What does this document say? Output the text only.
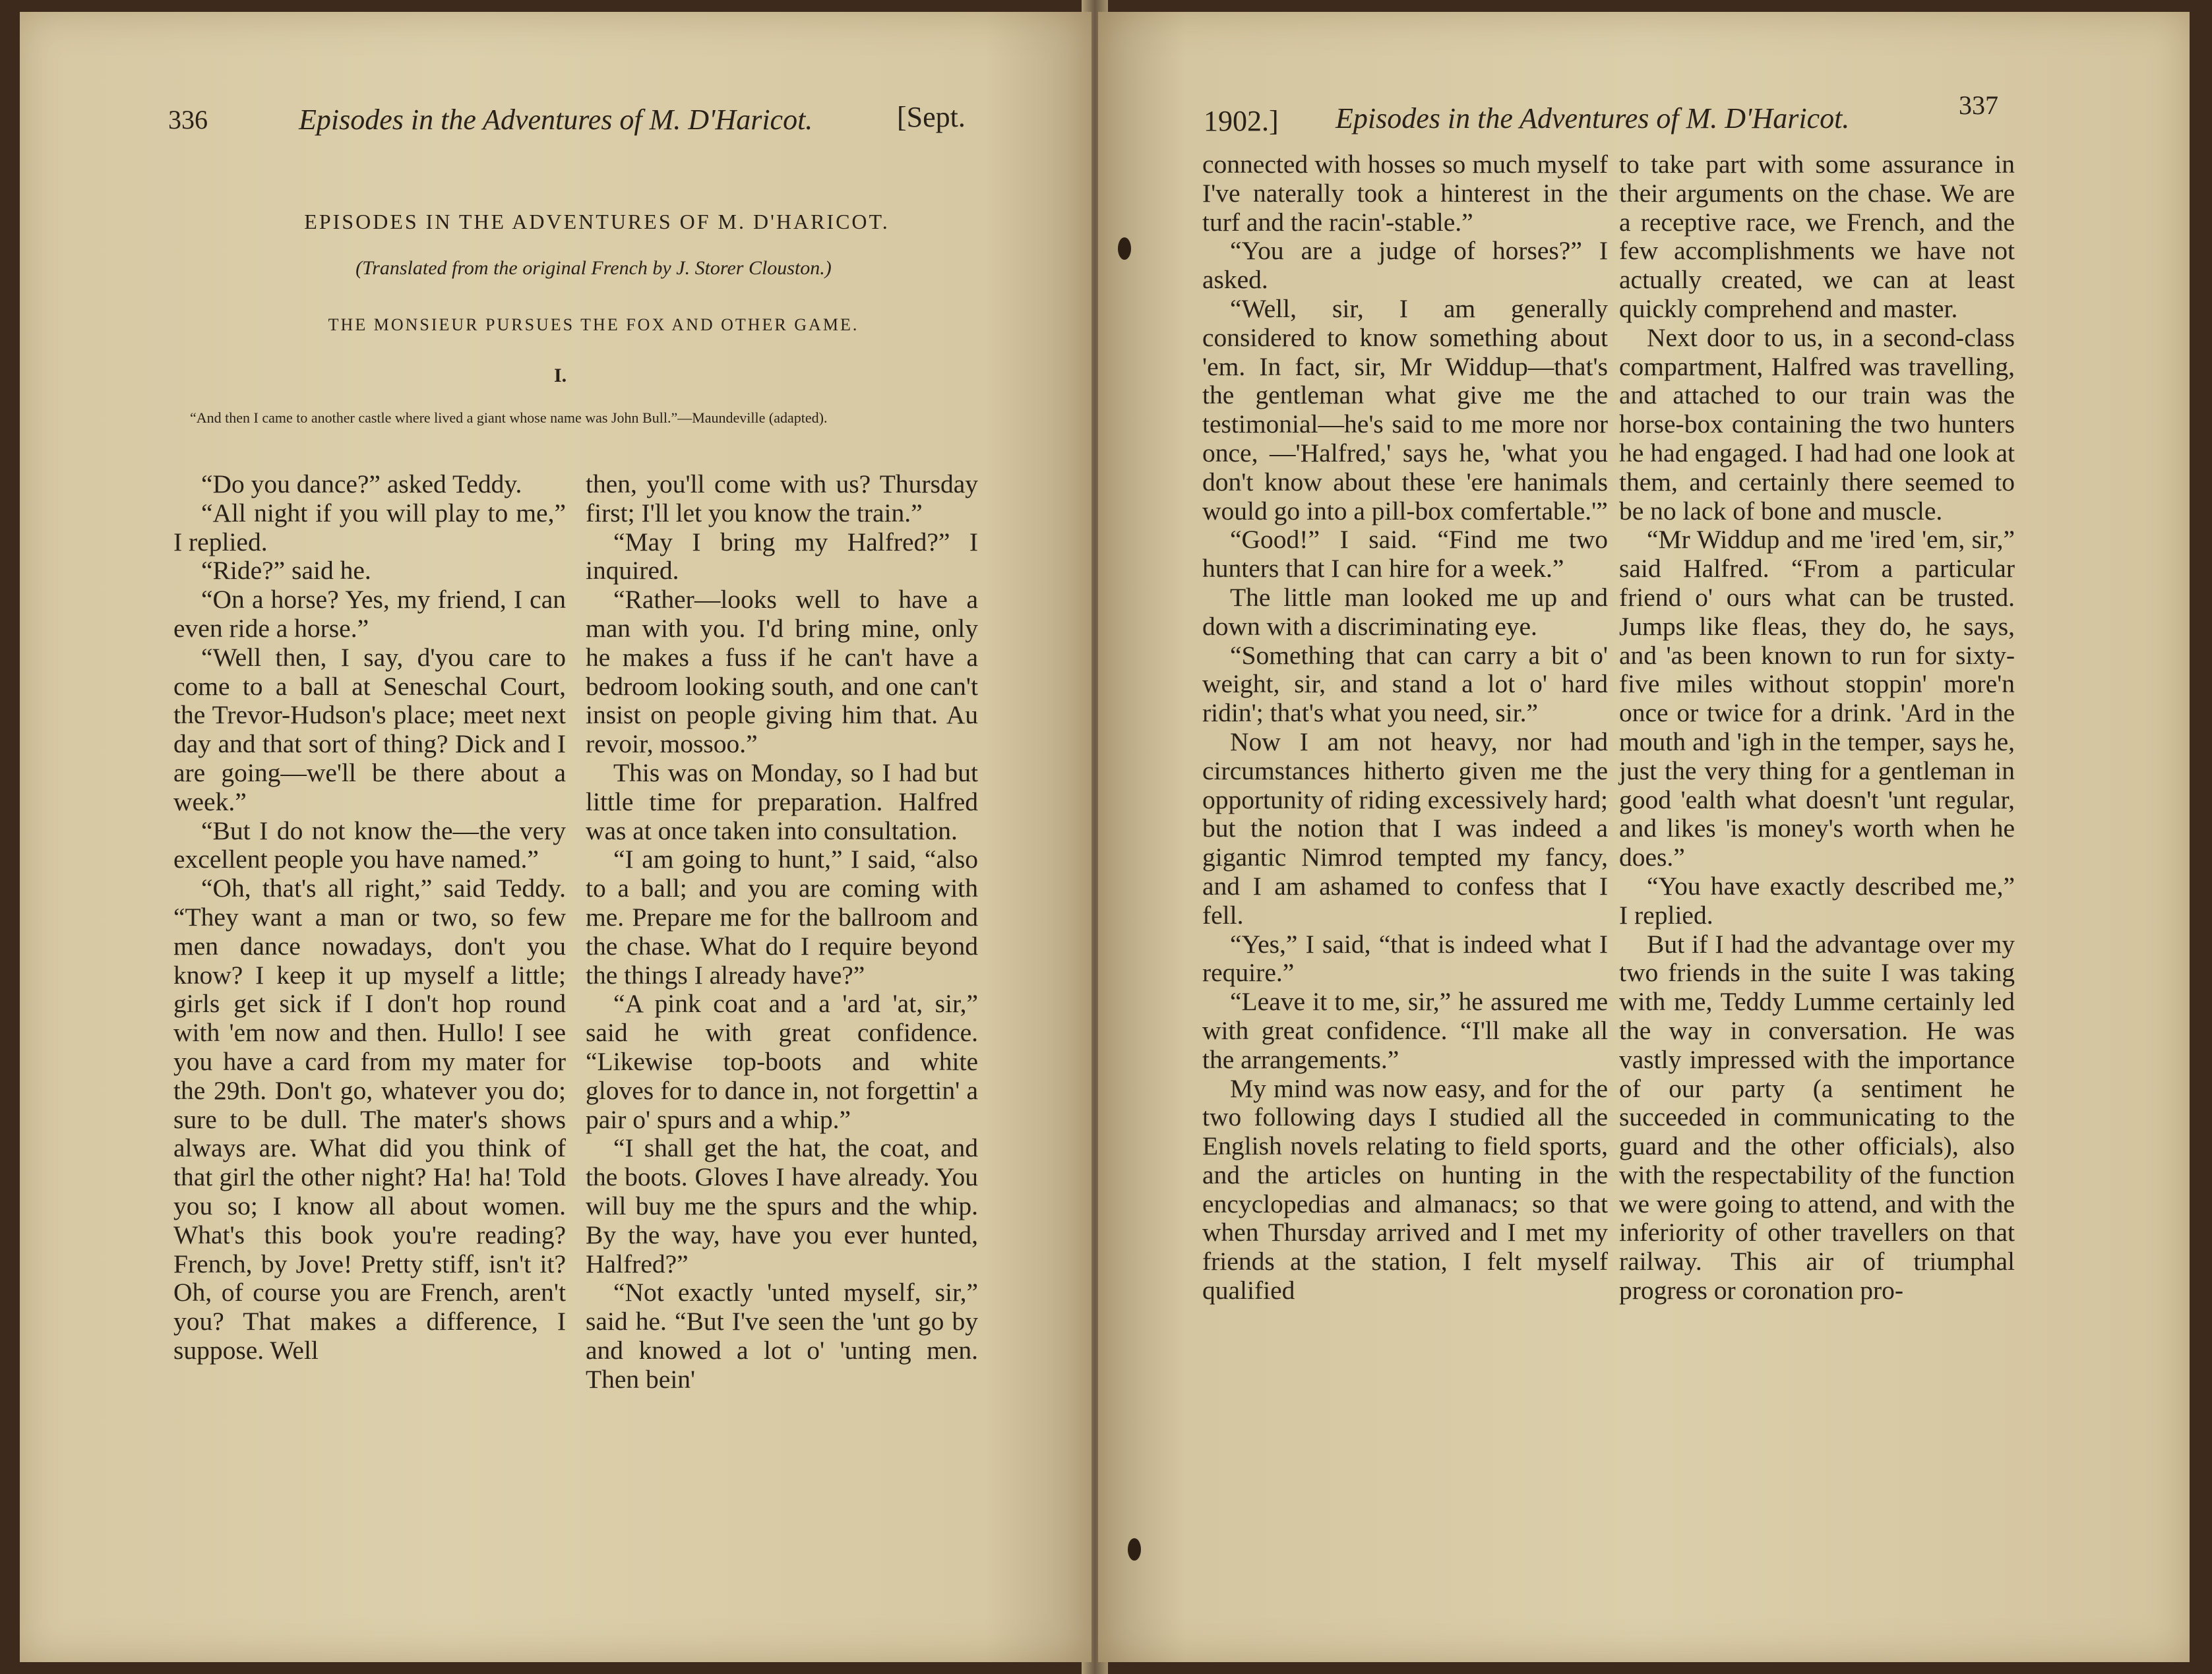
336	Episodes in the Adventures of M. D'Haricot.	[Sept.
EPISODES IN THE ADVENTURES OF M. D'HARICOT.
(Translated from the original French by J. Storer Clouston.)
THE MONSIEUR PURSUES THE FOX AND OTHER GAME.
I.
“And then I came to another castle where lived a giant whose name was John Bull.”—Maundeville (adapted).

“Do you dance?” asked Teddy.

“All night if you will play to me,” I replied.

“Ride?” said he.

“On a horse? Yes, my friend, I can even ride a horse.”

“Well then, I say, d'you care to come to a ball at Seneschal Court, the Trevor-Hudson's place; meet next day and that sort of thing? Dick and I are going—we'll be there about a week.”

“But I do not know the—the very excellent people you have named.”

“Oh, that's all right,” said Teddy. “They want a man or two, so few men dance nowadays, don't you know? I keep it up myself a little; girls get sick if I don't hop round with 'em now and then. Hullo! I see you have a card from my mater for the 29th. Don't go, whatever you do; sure to be dull. The mater's shows always are. What did you think of that girl the other night? Ha! ha! Told you so; I know all about women. What's this book you're reading? French, by Jove! Pretty stiff, isn't it? Oh, of course you are French, aren't you? That makes a difference, I suppose. Well

then, you'll come with us? Thursday first; I'll let you know the train.”

“May I bring my Halfred?” I inquired.

“Rather—looks well to have a man with you. I'd bring mine, only he makes a fuss if he can't have a bedroom looking south, and one can't insist on people giving him that. Au revoir, mossoo.”

This was on Monday, so I had but little time for preparation. Halfred was at once taken into consultation.

“I am going to hunt,” I said, “also to a ball; and you are coming with me. Prepare me for the ballroom and the chase. What do I require beyond the things I already have?”

“A pink coat and a 'ard 'at, sir,” said he with great confidence. “Likewise top-boots and white gloves for to dance in, not forgettin' a pair o' spurs and a whip.”

“I shall get the hat, the coat, and the boots. Gloves I have already. You will buy me the spurs and the whip. By the way, have you ever hunted, Halfred?”

“Not exactly 'unted myself, sir,” said he. “But I've seen the 'unt go by and knowed a lot o' 'unting men. Then bein'

1902.] Episodes in the Adventures of M. D'Haricot.	337

connected with hosses so much myself I've naterally took a hinterest in the turf and the racin'-stable.”

“You are a judge of horses?” I asked.

“Well, sir, I am generally considered to know something about 'em. In fact, sir, Mr Widdup—that's the gentleman what give me the testimonial—he's said to me more nor once, —'Halfred,' says he, 'what you don't know about these 'ere hanimals would go into a pill-box comfertable.'”

“Good!” I said. “Find me two hunters that I can hire for a week.”

The little man looked me up and down with a discriminating eye.

“Something that can carry a bit o' weight, sir, and stand a lot o' hard ridin'; that's what you need, sir.”

Now I am not heavy, nor had circumstances hitherto given me the opportunity of riding excessively hard; but the notion that I was indeed a gigantic Nimrod tempted my fancy, and I am ashamed to confess that I fell.

“Yes,” I said, “that is indeed what I require.”

“Leave it to me, sir,” he assured me with great confidence. “I'll make all the arrangements.”

My mind was now easy, and for the two following days I studied all the English novels relating to field sports, and the articles on hunting in the encyclopedias and almanacs; so that when Thursday arrived and I met my friends at the station, I felt myself qualified

to take part with some assurance in their arguments on the chase. We are a receptive race, we French, and the few accomplishments we have not actually created, we can at least quickly comprehend and master.

Next door to us, in a second-class compartment, Halfred was travelling, and attached to our train was the horse-box containing the two hunters he had engaged. I had had one look at them, and certainly there seemed to be no lack of bone and muscle.

“Mr Widdup and me 'ired 'em, sir,” said Halfred. “From a particular friend o' ours what can be trusted. Jumps like fleas, they do, he says, and 'as been known to run for sixty-five miles without stoppin' more'n once or twice for a drink. 'Ard in the mouth and 'igh in the temper, says he, just the very thing for a gentleman in good 'ealth what doesn't 'unt regular, and likes 'is money's worth when he does.”

“You have exactly described me,” I replied.

But if I had the advantage over my two friends in the suite I was taking with me, Teddy Lumme certainly led the way in conversation. He was vastly impressed with the importance of our party (a sentiment he succeeded in communicating to the guard and the other officials), also with the respectability of the function we were going to attend, and with the inferiority of other travellers on that railway. This air of triumphal progress or coronation pro-
